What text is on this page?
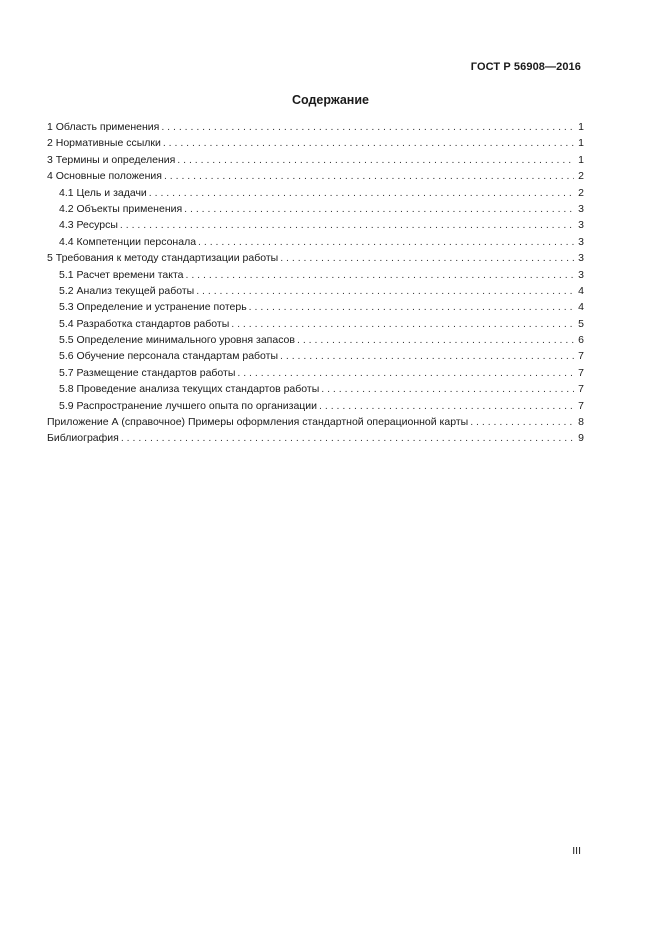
ГОСТ Р 56908—2016
Содержание
1 Область применения . . .	1
2 Нормативные ссылки . . .	1
3 Термины и определения . . .	1
4 Основные положения . . .	2
4.1 Цель и задачи . . .	2
4.2 Объекты применения . . .	3
4.3 Ресурсы . . .	3
4.4 Компетенции персонала . . .	3
5 Требования к методу стандартизации работы . . .	3
5.1 Расчет времени такта . . .	3
5.2 Анализ текущей работы . . .	4
5.3 Определение и устранение потерь . . .	4
5.4 Разработка стандартов работы . . .	5
5.5 Определение минимального уровня запасов . . .	6
5.6 Обучение персонала стандартам работы . . .	7
5.7 Размещение стандартов работы . . .	7
5.8 Проведение анализа текущих стандартов работы . . .	7
5.9 Распространение лучшего опыта по организации . . .	7
Приложение А (справочное) Примеры оформления стандартной операционной карты . . .	8
Библиография . . .	9
III
